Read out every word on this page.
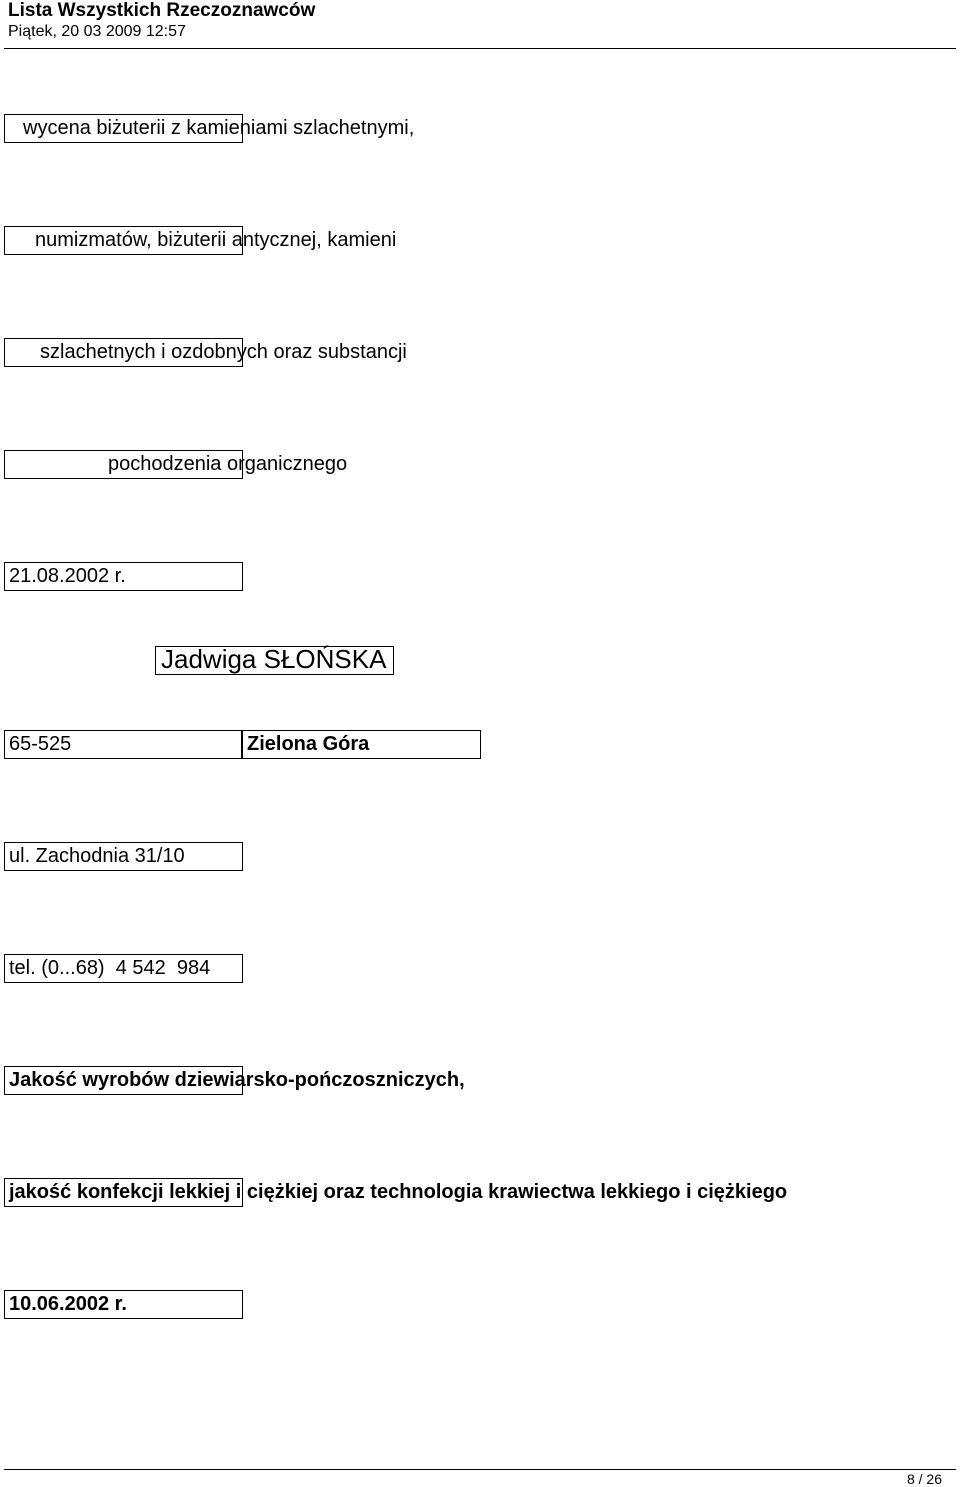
Lista Wszystkich Rzeczoznawców
Piątek, 20 03 2009 12:57
wycena biżuterii z kamieniami szlachetnymi,
numizmatów, biżuterii antycznej, kamieni
szlachetnych i ozdobnych oraz substancji
pochodzenia organicznego
21.08.2002 r.
Jadwiga SŁOŃSKA
65-525	Zielona Góra
ul. Zachodnia 31/10
tel. (0...68)  4 542  984
Jakość wyrobów dziewiarsko-pończoszniczych,
jakość konfekcji lekkiej i ciężkiej oraz technologia krawiectwa lekkiego i ciężkiego
10.06.2002 r.
8 / 26
